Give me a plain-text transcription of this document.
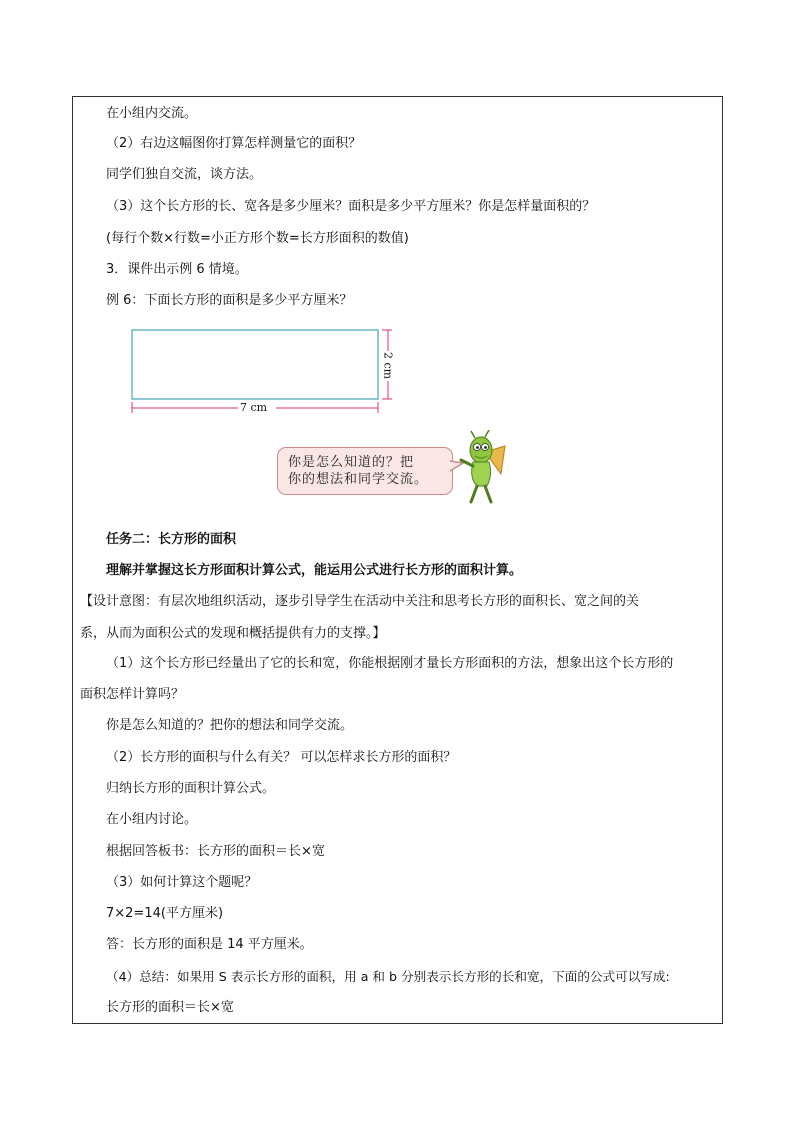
在小组内交流。
（2）右边这幅图你打算怎样测量它的面积？
同学们独自交流，谈方法。
（3）这个长方形的长、宽各是多少厘米？面积是多少平方厘米？你是怎样量面积的？
(每行个数×行数=小正方形个数=长方形面积的数值)
3．课件出示例 6 情境。
例 6：下面长方形的面积是多少平方厘米？
7 cm
2 cm
你是怎么知道的？把
你的想法和同学交流。
任务二：长方形的面积
理解并掌握这长方形面积计算公式，能运用公式进行长方形的面积计算。
【设计意图：有层次地组织活动，逐步引导学生在活动中关注和思考长方形的面积长、宽之间的关
系，从而为面积公式的发现和概括提供有力的支撑。】
（1）这个长方形已经量出了它的长和宽，你能根据刚才量长方形面积的方法，想象出这个长方形的
面积怎样计算吗？
你是怎么知道的？把你的想法和同学交流。
（2）长方形的面积与什么有关？ 可以怎样求长方形的面积？
归纳长方形的面积计算公式。
在小组内讨论。
根据回答板书：长方形的面积＝长×宽
（3）如何计算这个题呢？
7×2=14(平方厘米)
答：长方形的面积是 14 平方厘米。
（4）总结：如果用 S 表示长方形的面积，用 a 和 b 分别表示长方形的长和宽，下面的公式可以写成:
长方形的面积＝长×宽
